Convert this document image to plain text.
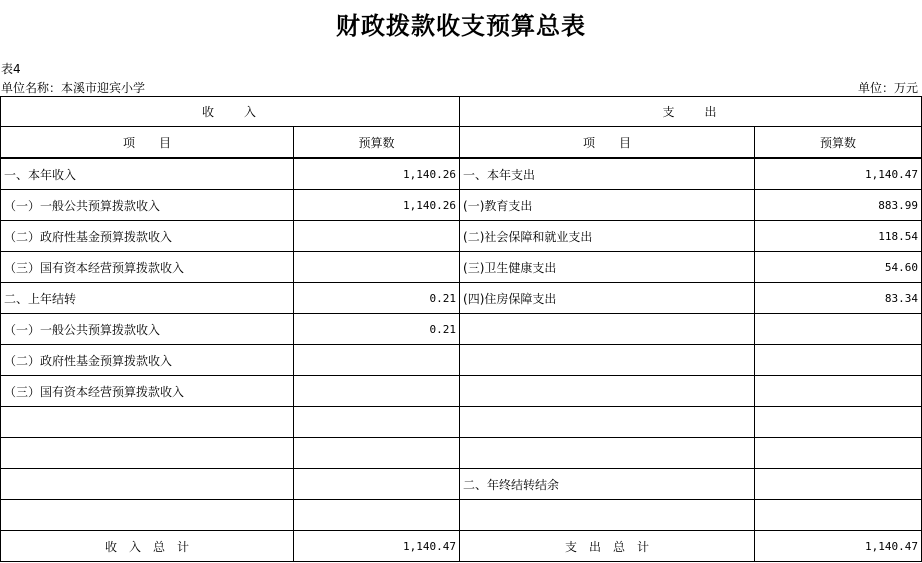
财政拨款收支预算总表
表4
单位名称：本溪市迎宾小学	单位：万元
收　　入		支　　出	
项　　目	预算数	项　　目	预算数
一、本年收入	1,140.26	一、本年支出	1,140.47
（一）一般公共预算拨款收入	1,140.26	(一)教育支出	883.99
（二）政府性基金预算拨款收入		(二)社会保障和就业支出	118.54
（三）国有资本经营预算拨款收入		(三)卫生健康支出	54.60
二、上年结转	0.21	(四)住房保障支出	83.34
（一）一般公共预算拨款收入	0.21		
（二）政府性基金预算拨款收入			
（三）国有资本经营预算拨款收入			

		二、年终结转结余	

收　入　总　计	1,140.47	支　出　总　计	1,140.47
